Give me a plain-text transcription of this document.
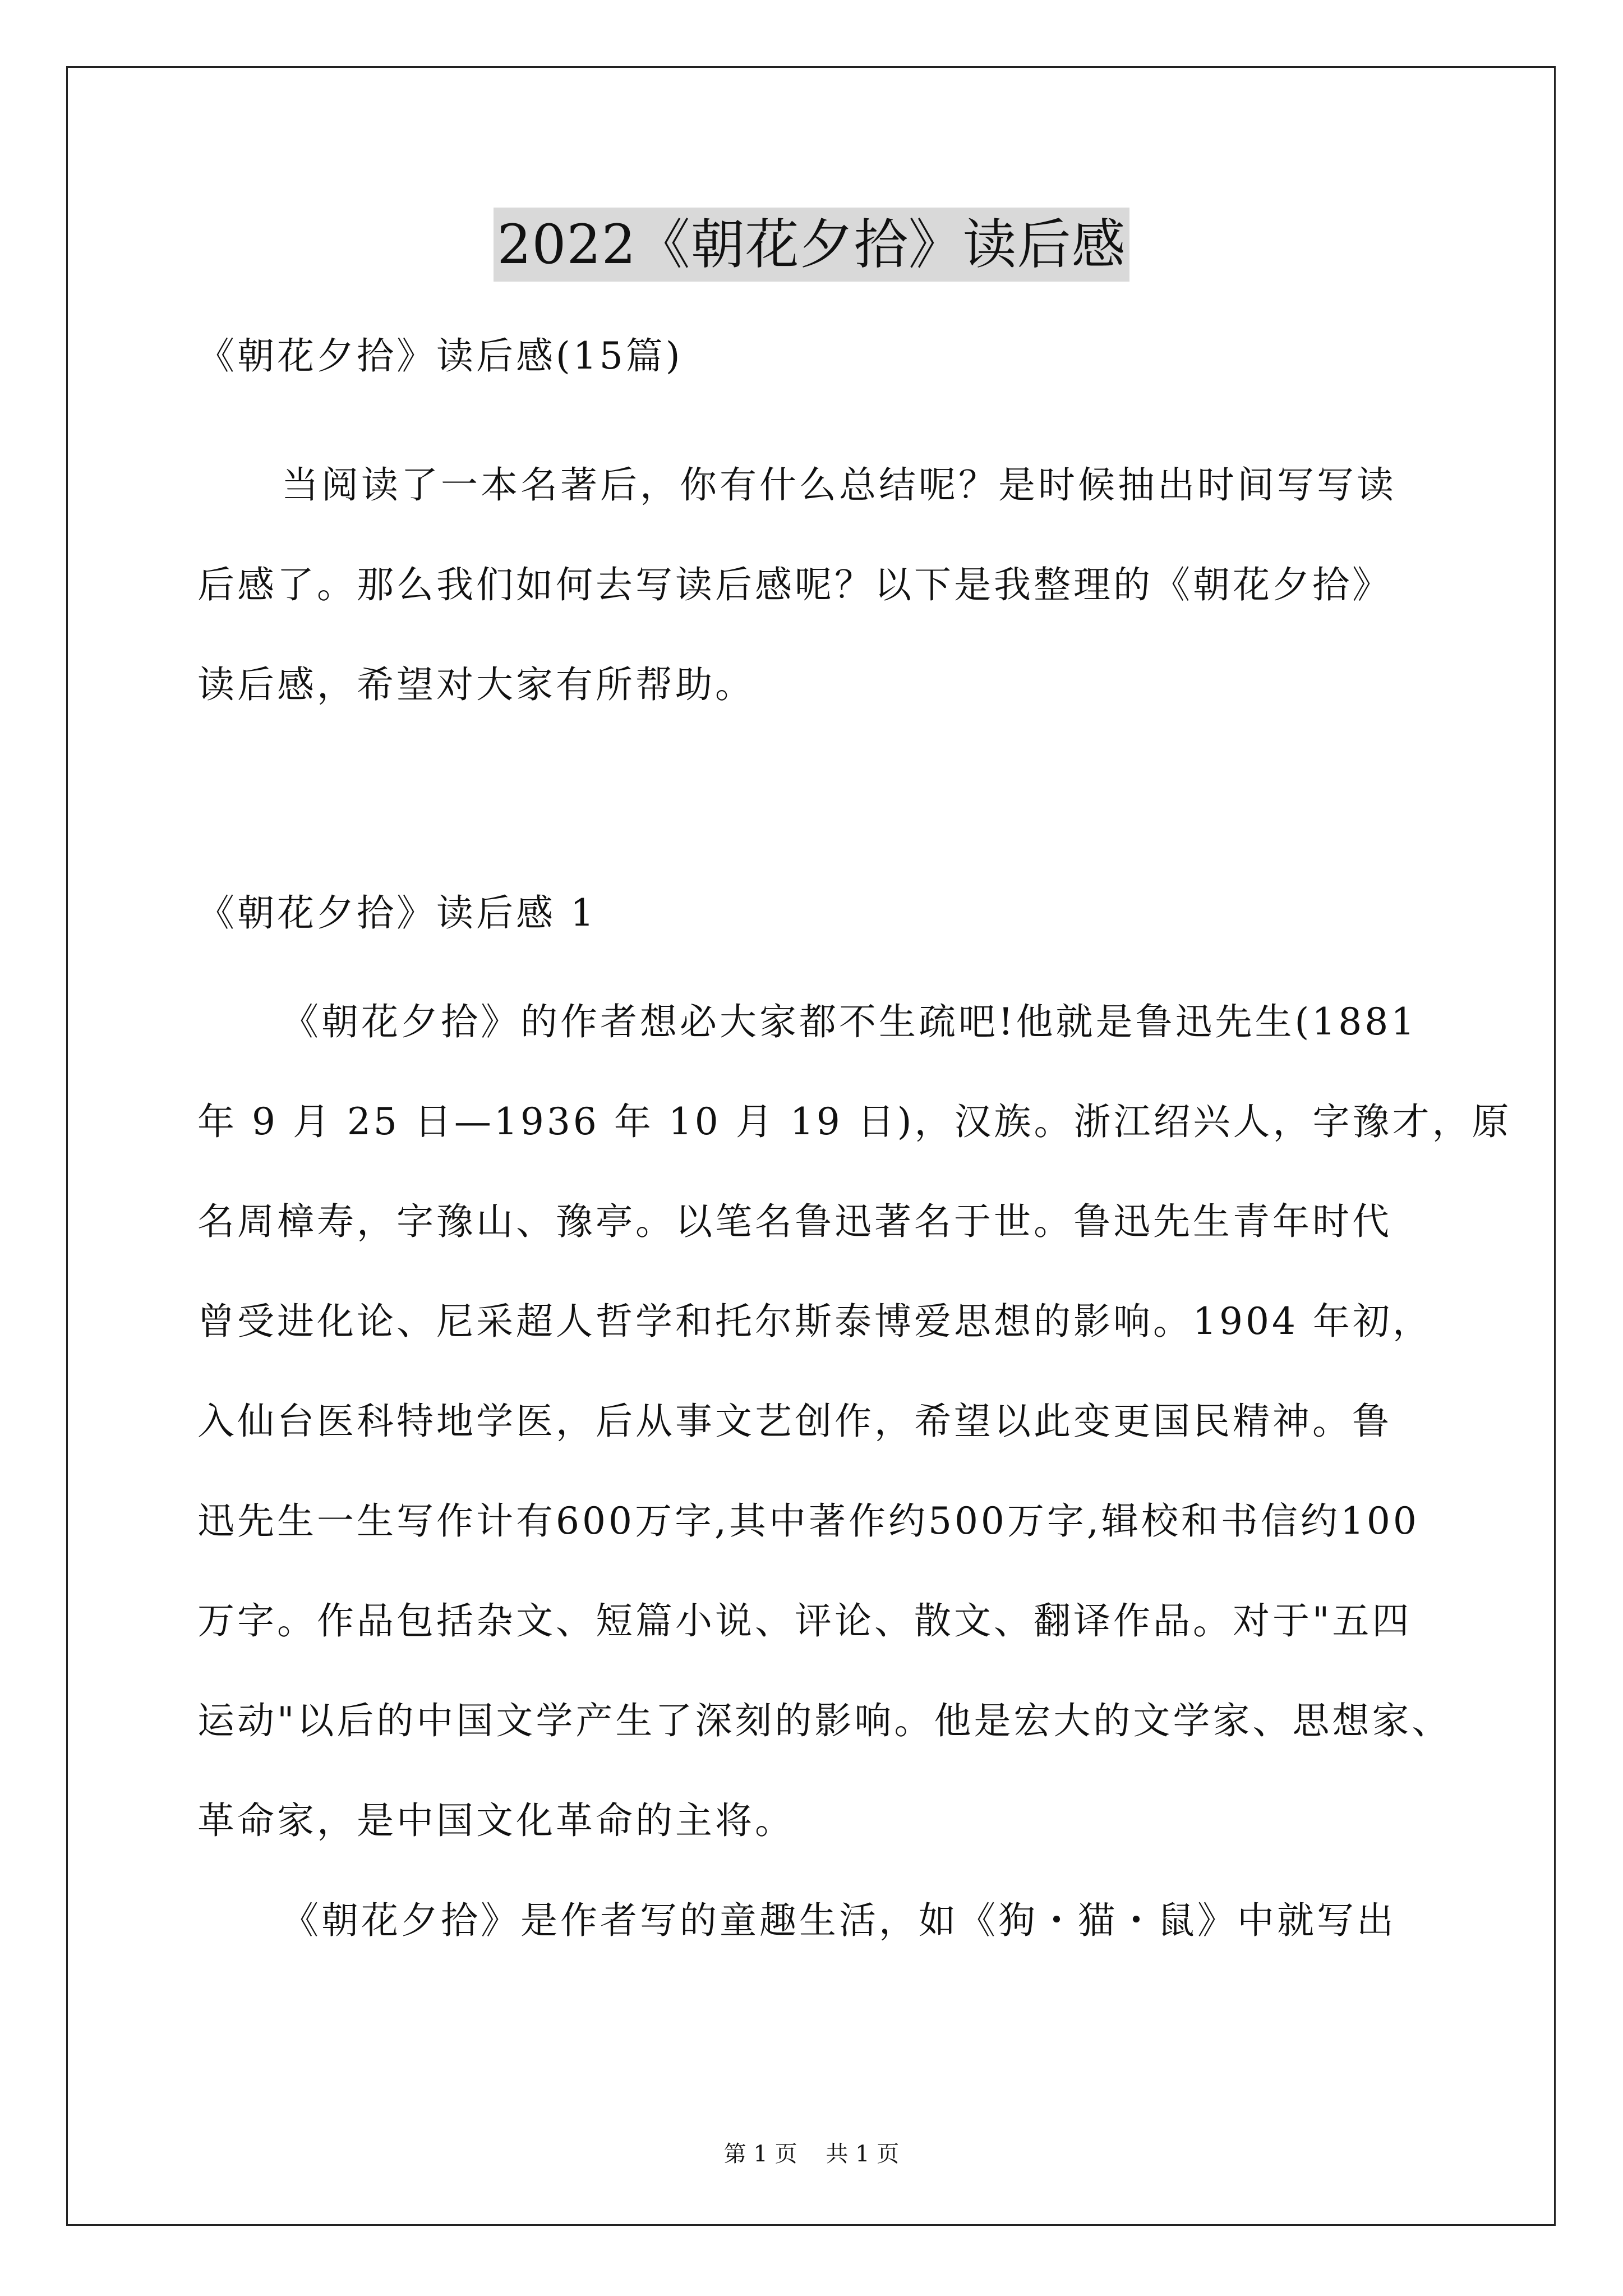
2022《朝花夕拾》读后感
《朝花夕拾》读后感(15篇)
当阅读了一本名著后，你有什么总结呢？是时候抽出时间写写读
后感了。那么我们如何去写读后感呢？以下是我整理的《朝花夕拾》
读后感，希望对大家有所帮助。
《朝花夕拾》读后感 1
《朝花夕拾》的作者想必大家都不生疏吧!他就是鲁迅先生(1881
年 9 月 25 日—1936 年 10 月 19 日)，汉族。浙江绍兴人，字豫才，原
名周樟寿，字豫山、豫亭。以笔名鲁迅著名于世。鲁迅先生青年时代
曾受进化论、尼采超人哲学和托尔斯泰博爱思想的影响。1904 年初，
入仙台医科特地学医，后从事文艺创作，希望以此变更国民精神。鲁
迅先生一生写作计有600万字,其中著作约500万字,辑校和书信约100
万字。作品包括杂文、短篇小说、评论、散文、翻译作品。对于"五四
运动"以后的中国文学产生了深刻的影响。他是宏大的文学家、思想家、
革命家，是中国文化革命的主将。
《朝花夕拾》是作者写的童趣生活，如《狗・猫・鼠》中就写出
第 1 页    共 1 页
